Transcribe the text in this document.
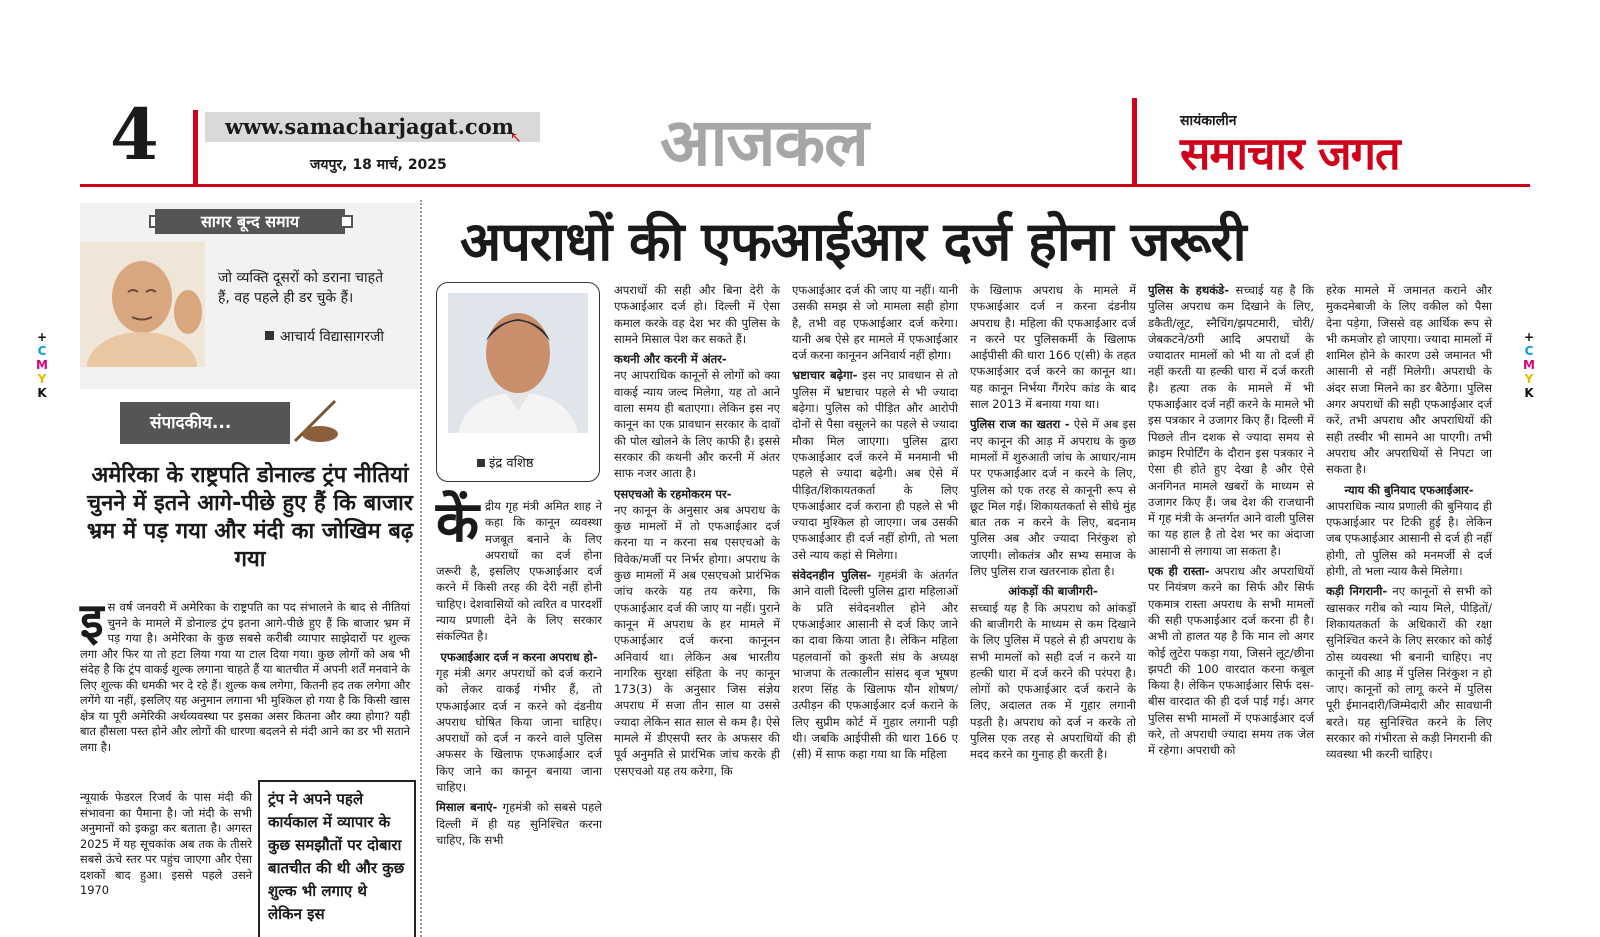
4	www.samacharjagat.com
↖
जयपुर, 18 मार्च, 2025	आजकल	सायंकालीन
समाचार जगत
+
C
M
Y
K
+
C
M
Y
K
सागर बून्द समाय
जो व्यक्ति दूसरों को डराना चाहते हैं, वह पहले ही डर चुके हैं।
आचार्य विद्यासागरजी
संपादकीय...
अमेरिका के राष्ट्रपति डोनाल्ड ट्रंप नीतियां चुनने में इतने आगे-पीछे हुए हैं कि बाजार भ्रम में पड़ गया और मंदी का जोखिम बढ़ गया
इ स वर्ष जनवरी में अमेरिका के राष्ट्रपति का पद संभालने के बाद से नीतियां चुनने के मामले में डोनाल्ड ट्रंप इतना आगे-पीछे हुए हैं कि बाजार भ्रम में पड़ गया है। अमेरिका के कुछ सबसे करीबी व्यापार साझेदारों पर शुल्क लगा और फिर या तो हटा लिया गया या टाल दिया गया। कुछ लोगों को अब भी संदेह है कि ट्रंप वाकई शुल्क लगाना चाहते हैं या बातचीत में अपनी शर्तें मनवाने के लिए शुल्क की धमकी भर दे रहे हैं। शुल्क कब लगेगा, कितनी हद तक लगेगा और लगेंगे या नहीं, इसलिए यह अनुमान लगाना भी मुश्किल हो गया है कि किसी खास क्षेत्र या पूरी अमेरिकी अर्थव्यवस्था पर इसका असर कितना और क्या होगा? यही बात हौसला पस्त होने और लोगों की धारणा बदलने से मंदी आने का डर भी सताने लगा है।
न्यूयार्क फेडरल रिजर्व के पास मंदी की संभावना का पैमाना है। जो मंदी के सभी अनुमानों को इकट्ठा कर बताता है। अगस्त 2025 में यह सूचकांक अब तक के तीसरे सबसे ऊंचे स्तर पर पहुंच जाएगा और ऐसा दशकों बाद हुआ। इससे पहले उसने 1970
ट्रंप ने अपने पहले कार्यकाल में व्यापार के कुछ समझौतों पर दोबारा बातचीत की थी और कुछ शुल्क भी लगाए थे लेकिन इस
अपराधों की एफआईआर दर्ज होना जरूरी
इंद्र वशिष्ठ
कें द्रीय गृह मंत्री अमित शाह ने कहा कि कानून व्यवस्था मजबूत बनाने के लिए अपराधों का दर्ज होना जरूरी है, इसलिए एफआईआर दर्ज करने में किसी तरह की देरी नहीं होनी चाहिए। देशवासियों को त्वरित व पारदर्शी न्याय प्रणाली देने के लिए सरकार संकल्पित है।
एफआईआर दर्ज न करना अपराध हो-
गृह मंत्री अगर अपराधों को दर्ज कराने को लेकर वाकई गंभीर हैं, तो एफआईआर दर्ज न करने को दंडनीय अपराध घोषित किया जाना चाहिए। अपराधों को दर्ज न करने वाले पुलिस अफसर के खिलाफ एफआईआर दर्ज किए जाने का कानून बनाया जाना चाहिए।
मिसाल बनाएं- गृहमंत्री को सबसे पहले दिल्ली में ही यह सुनिश्चित करना चाहिए, कि सभी
अपराधों की सही और बिना देरी के एफआईआर दर्ज हो। दिल्ली में ऐसा कमाल करके वह देश भर की पुलिस के सामने मिसाल पेश कर सकते हैं।
कथनी और करनी में अंतर-
नए आपराधिक कानूनों से लोगों को क्या वाकई न्याय जल्द मिलेगा, यह तो आने वाला समय ही बताएगा। लेकिन इस नए कानून का एक प्रावधान सरकार के दावों की पोल खोलने के लिए काफी है। इससे सरकार की कथनी और करनी में अंतर साफ नजर आता है।
एसएचओ के रहमोकरम पर-
नए कानून के अनुसार अब अपराध के कुछ मामलों में तो एफआईआर दर्ज करना या न करना सब एसएचओ के विवेक/मर्जी पर निर्भर होगा। अपराध के कुछ मामलों में अब एसएचओ प्रारंभिक जांच करके यह तय करेगा, कि एफआईआर दर्ज की जाए या नहीं। पुराने कानून में अपराध के हर मामले में एफआईआर दर्ज करना कानूनन अनिवार्य था। लेकिन अब भारतीय नागरिक सुरक्षा संहिता के नए कानून 173(3) के अनुसार जिस संज्ञेय अपराध में सजा तीन साल या उससे ज्यादा लेकिन सात साल से कम है। ऐसे मामले में डीएसपी स्तर के अफसर की पूर्व अनुमति से प्रारंभिक जांच करके ही एसएचओ यह तय करेगा, कि
एफआईआर दर्ज की जाए या नहीं। यानी उसकी समझ से जो मामला सही होगा है, तभी वह एफआईआर दर्ज करेगा। यानी अब ऐसे हर मामले में एफआईआर दर्ज करना कानूनन अनिवार्य नहीं होगा।
भ्रष्टाचार बढ़ेगा- इस नए प्रावधान से तो पुलिस में भ्रष्टाचार पहले से भी ज्यादा बढ़ेगा। पुलिस को पीड़ित और आरोपी दोनों से पैसा वसूलने का पहले से ज्यादा मौका मिल जाएगा। पुलिस द्वारा एफआईआर दर्ज करने में मनमानी भी पहले से ज्यादा बढ़ेगी। अब ऐसे में पीड़ित/शिकायतकर्ता के लिए एफआईआर दर्ज कराना ही पहले से भी ज्यादा मुश्किल हो जाएगा। जब उसकी एफआईआर ही दर्ज नहीं होगी, तो भला उसे न्याय कहां से मिलेगा।
संवेदनहीन पुलिस- गृहमंत्री के अंतर्गत आने वाली दिल्ली पुलिस द्वारा महिलाओं के प्रति संवेदनशील होने और एफआईआर आसानी से दर्ज किए जाने का दावा किया जाता है। लेकिन महिला पहलवानों को कुश्ती संघ के अध्यक्ष भाजपा के तत्कालीन सांसद बृज भूषण शरण सिंह के खिलाफ यौन शोषण/उत्पीड़न की एफआईआर दर्ज कराने के लिए सुप्रीम कोर्ट में गुहार लगानी पड़ी थी। जबकि आईपीसी की धारा 166 ए (सी) में साफ कहा गया था कि महिला
के खिलाफ अपराध के मामले में एफआईआर दर्ज न करना दंडनीय अपराध है। महिला की एफआईआर दर्ज न करने पर पुलिसकर्मी के खिलाफ आईपीसी की धारा 166 ए(सी) के तहत एफआईआर दर्ज करने का कानून था। यह कानून निर्भया गैंगरेप कांड के बाद साल 2013 में बनाया गया था।
पुलिस राज का खतरा - ऐसे में अब इस नए कानून की आड़ में अपराध के कुछ मामलों में शुरुआती जांच के आधार/नाम पर एफआईआर दर्ज न करने के लिए, पुलिस को एक तरह से कानूनी रूप से छूट मिल गई। शिकायतकर्ता से सीधे मुंह बात तक न करने के लिए, बदनाम पुलिस अब और ज्यादा निरंकुश हो जाएगी। लोकतंत्र और सभ्य समाज के लिए पुलिस राज खतरनाक होता है।
आंकड़ों की बाजीगरी-
सच्चाई यह है कि अपराध को आंकड़ों की बाजीगरी के माध्यम से कम दिखाने के लिए पुलिस में पहले से ही अपराध के सभी मामलों को सही दर्ज न करने या हल्की धारा में दर्ज करने की परंपरा है। लोगों को एफआईआर दर्ज कराने के लिए, अदालत तक में गुहार लगानी पड़ती है। अपराध को दर्ज न करके तो पुलिस एक तरह से अपराधियों की ही मदद करने का गुनाह ही करती है।
पुलिस के हथकंडे- सच्चाई यह है कि पुलिस अपराध कम दिखाने के लिए, डकैती/लूट, स्नैचिंग/झपटमारी, चोरी/जेबकटने/ठगी आदि अपराधों के ज्यादातर मामलों को भी या तो दर्ज ही नहीं करती या हल्की धारा में दर्ज करती है। हत्या तक के मामले में भी एफआईआर दर्ज नहीं करने के मामले भी इस पत्रकार ने उजागर किए हैं। दिल्ली में पिछले तीन दशक से ज्यादा समय से क्राइम रिपोर्टिंग के दौरान इस पत्रकार ने ऐसा ही होते हुए देखा है और ऐसे अनगिनत मामले खबरों के माध्यम से उजागर किए हैं। जब देश की राजधानी में गृह मंत्री के अन्तर्गत आने वाली पुलिस का यह हाल है तो देश भर का अंदाजा आसानी से लगाया जा सकता है।
एक ही रास्ता- अपराध और अपराधियों पर नियंत्रण करने का सिर्फ और सिर्फ एकमात्र रास्ता अपराध के सभी मामलों की सही एफआईआर दर्ज करना ही है। अभी तो हालत यह है कि मान लो अगर कोई लुटेरा पकड़ा गया, जिसने लूट/छीना झपटी की 100 वारदात करना कबूल किया है। लेकिन एफआईआर सिर्फ दस-बीस वारदात की ही दर्ज पाई गई। अगर पुलिस सभी मामलों में एफआईआर दर्ज करे, तो अपराधी ज्यादा समय तक जेल में रहेगा। अपराधी को
हरेक मामले में जमानत कराने और मुकदमेबाजी के लिए वकील को पैसा देना पड़ेगा, जिससे वह आर्थिक रूप से भी कमजोर हो जाएगा। ज्यादा मामलों में शामिल होने के कारण उसे जमानत भी आसानी से नहीं मिलेगी। अपराधी के अंदर सजा मिलने का डर बैठेगा। पुलिस अगर अपराधों की सही एफआईआर दर्ज करें, तभी अपराध और अपराधियों की सही तस्वीर भी सामने आ पाएगी। तभी अपराध और अपराधियों से निपटा जा सकता है।
न्याय की बुनियाद एफआईआर-
आपराधिक न्याय प्रणाली की बुनियाद ही एफआईआर पर टिकी हुई है। लेकिन जब एफआईआर आसानी से दर्ज ही नहीं होगी, तो पुलिस को मनमर्जी से दर्ज होगी, तो भला न्याय कैसे मिलेगा।
कड़ी निगरानी- नए कानूनों से सभी को खासकर गरीब को न्याय मिले, पीड़ितों/शिकायतकर्ता के अधिकारों की रक्षा सुनिश्चित करने के लिए सरकार को कोई ठोस व्यवस्था भी बनानी चाहिए। नए कानूनों की आड़ में पुलिस निरंकुश न हो जाए। कानूनों को लागू करने में पुलिस पूरी ईमानदारी/जिम्मेदारी और सावधानी बरते। यह सुनिश्चित करने के लिए सरकार को गंभीरता से कड़ी निगरानी की व्यवस्था भी करनी चाहिए।
